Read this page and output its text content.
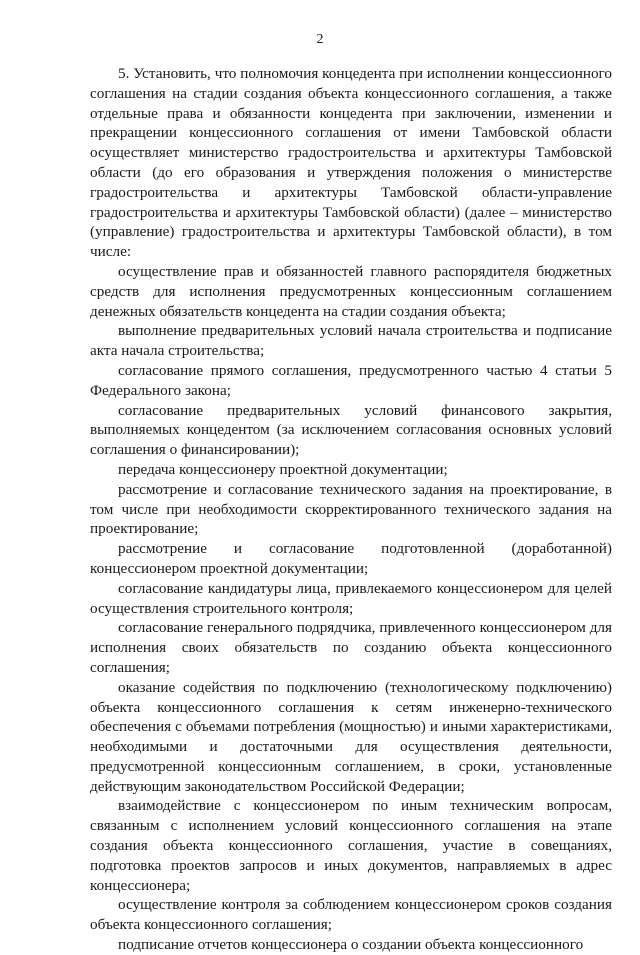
2

5. Установить, что полномочия концедента при исполнении концессионного соглашения на стадии создания объекта концессионного соглашения, а также отдельные права и обязанности концедента при заключении, изменении и прекращении концессионного соглашения от имени Тамбовской области осуществляет министерство градостроительства и архитектуры Тамбовской области (до его образования и утверждения положения о министерстве градостроительства и архитектуры Тамбовской области-управление градостроительства и архитектуры Тамбовской области) (далее – министерство (управление) градостроительства и архитектуры Тамбовской области), в том числе:

осуществление прав и обязанностей главного распорядителя бюджетных средств для исполнения предусмотренных концессионным соглашением денежных обязательств концедента на стадии создания объекта;

выполнение предварительных условий начала строительства и подписание акта начала строительства;

согласование прямого соглашения, предусмотренного частью 4 статьи 5 Федерального закона;

согласование предварительных условий финансового закрытия, выполняемых концедентом (за исключением согласования основных условий соглашения о финансировании);

передача концессионеру проектной документации;

рассмотрение и согласование технического задания на проектирование, в том числе при необходимости скорректированного технического задания на проектирование;

рассмотрение и согласование подготовленной (доработанной) концессионером проектной документации;

согласование кандидатуры лица, привлекаемого концессионером для целей осуществления строительного контроля;

согласование генерального подрядчика, привлеченного концессионером для исполнения своих обязательств по созданию объекта концессионного соглашения;

оказание содействия по подключению (технологическому подключению) объекта концессионного соглашения к сетям инженерно-технического обеспечения с объемами потребления (мощностью) и иными характеристиками, необходимыми и достаточными для осуществления деятельности, предусмотренной концессионным соглашением, в сроки, установленные действующим законодательством Российской Федерации;

взаимодействие с концессионером по иным техническим вопросам, связанным с исполнением условий концессионного соглашения на этапе создания объекта концессионного соглашения, участие в совещаниях, подготовка проектов запросов и иных документов, направляемых в адрес концессионера;

осуществление контроля за соблюдением концессионером сроков создания объекта концессионного соглашения;

подписание отчетов концессионера о создании объекта концессионного
